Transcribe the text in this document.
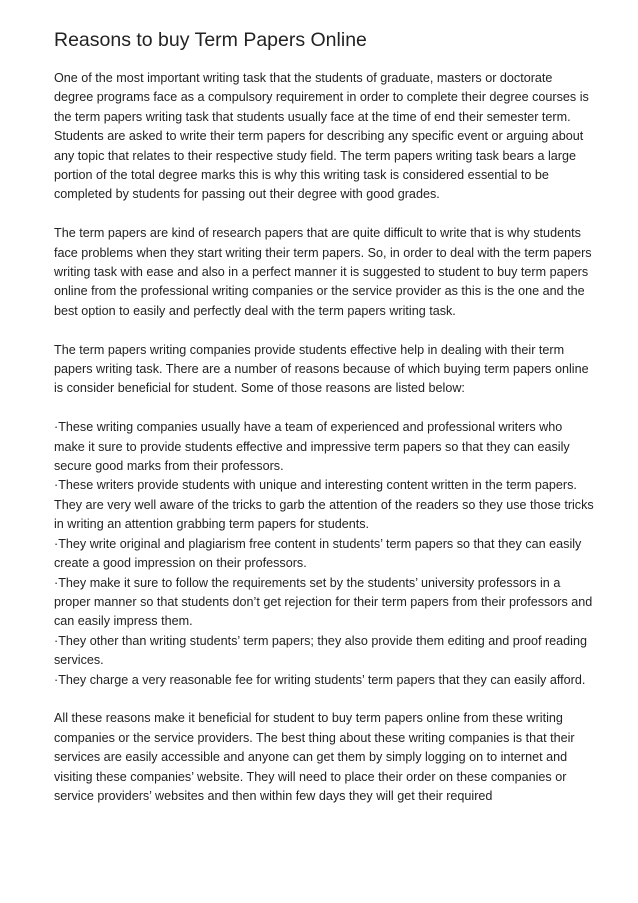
Reasons to buy Term Papers Online

One of the most important writing task that the students of graduate, masters or doctorate degree programs face as a compulsory requirement in order to complete their degree courses is the term papers writing task that students usually face at the time of end their semester term. Students are asked to write their term papers for describing any specific event or arguing about any topic that relates to their respective study field. The term papers writing task bears a large portion of the total degree marks this is why this writing task is considered essential to be completed by students for passing out their degree with good grades.

The term papers are kind of research papers that are quite difficult to write that is why students face problems when they start writing their term papers. So, in order to deal with the term papers writing task with ease and also in a perfect manner it is suggested to student to buy term papers online from the professional writing companies or the service provider as this is the one and the best option to easily and perfectly deal with the term papers writing task.

The term papers writing companies provide students effective help in dealing with their term papers writing task. There are a number of reasons because of which buying term papers online is consider beneficial for student. Some of those reasons are listed below:

·These writing companies usually have a team of experienced and professional writers who make it sure to provide students effective and impressive term papers so that they can easily secure good marks from their professors.
·These writers provide students with unique and interesting content written in the term papers. They are very well aware of the tricks to garb the attention of the readers so they use those tricks in writing an attention grabbing term papers for students.
·They write original and plagiarism free content in students’ term papers so that they can easily create a good impression on their professors.
·They make it sure to follow the requirements set by the students’ university professors in a proper manner so that students don’t get rejection for their term papers from their professors and can easily impress them.
·They other than writing students’ term papers; they also provide them editing and proof reading services.
·They charge a very reasonable fee for writing students’ term papers that they can easily afford.

All these reasons make it beneficial for student to buy term papers online from these writing companies or the service providers. The best thing about these writing companies is that their services are easily accessible and anyone can get them by simply logging on to internet and visiting these companies’ website. They will need to place their order on these companies or service providers’ websites and then within few days they will get their required
